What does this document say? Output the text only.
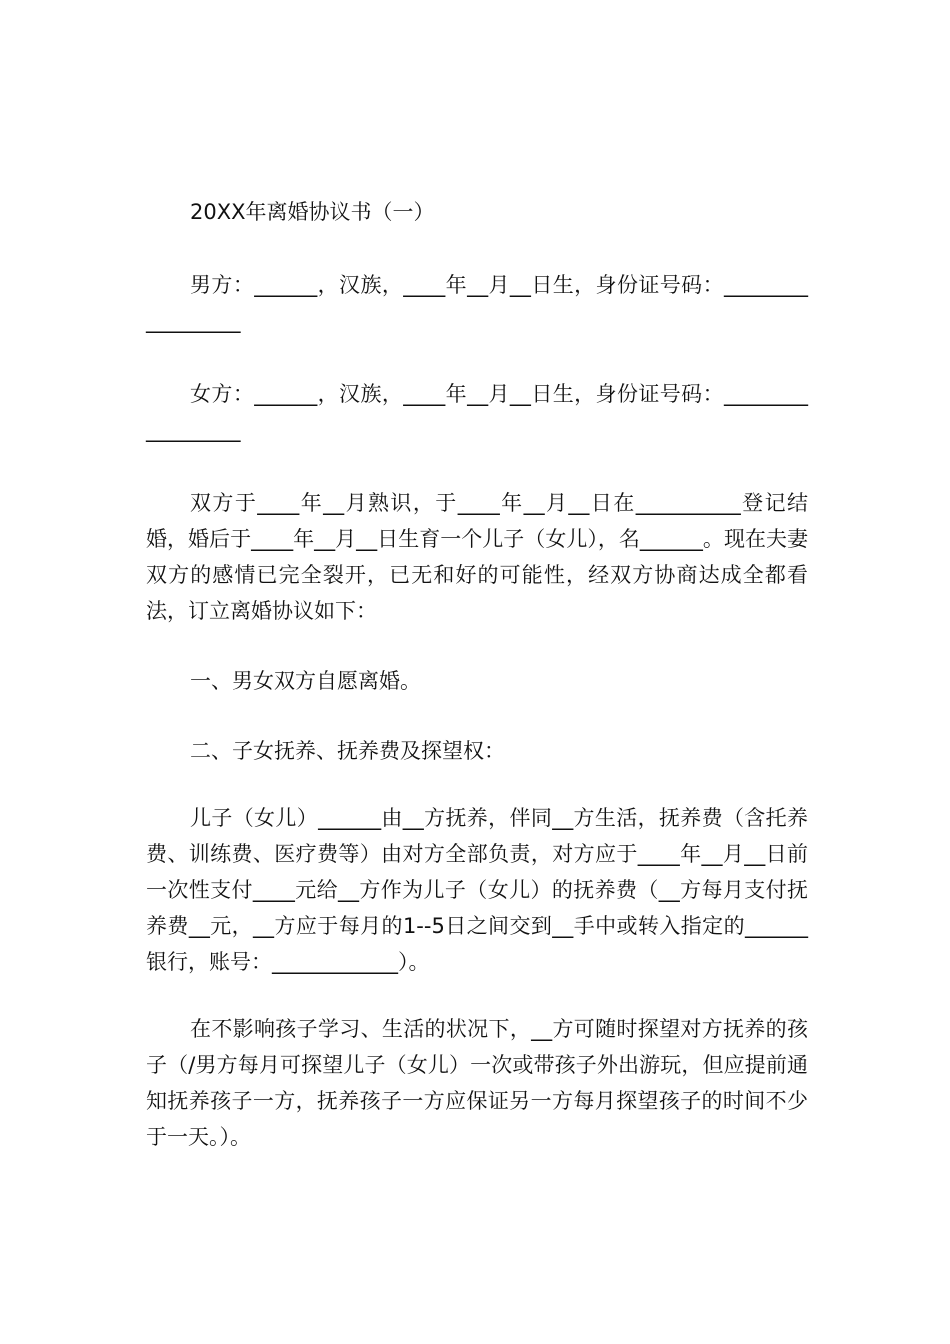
20XX年离婚协议书（一）

男方：______，汉族，____年__月__日生，身份证号码：_________________

女方：______，汉族，____年__月__日生，身份证号码：_________________

双方于____年__月熟识，于____年__月__日在__________登记结婚，婚后于____年__月__日生育一个儿子（女儿），名______。现在夫妻双方的感情已完全裂开，已无和好的可能性，经双方协商达成全都看法，订立离婚协议如下：

一、男女双方自愿离婚。

二、子女抚养、抚养费及探望权：

儿子（女儿）______由__方抚养，伴同__方生活，抚养费（含托养费、训练费、医疗费等）由对方全部负责，对方应于____年__月__日前一次性支付____元给__方作为儿子（女儿）的抚养费（__方每月支付抚养费__元，__方应于每月的1--5日之间交到__手中或转入指定的______银行，账号：____________）。

在不影响孩子学习、生活的状况下，__方可随时探望对方抚养的孩子（/男方每月可探望儿子（女儿）一次或带孩子外出游玩，但应提前通知抚养孩子一方，抚养孩子一方应保证另一方每月探望孩子的时间不少于一天。）。
